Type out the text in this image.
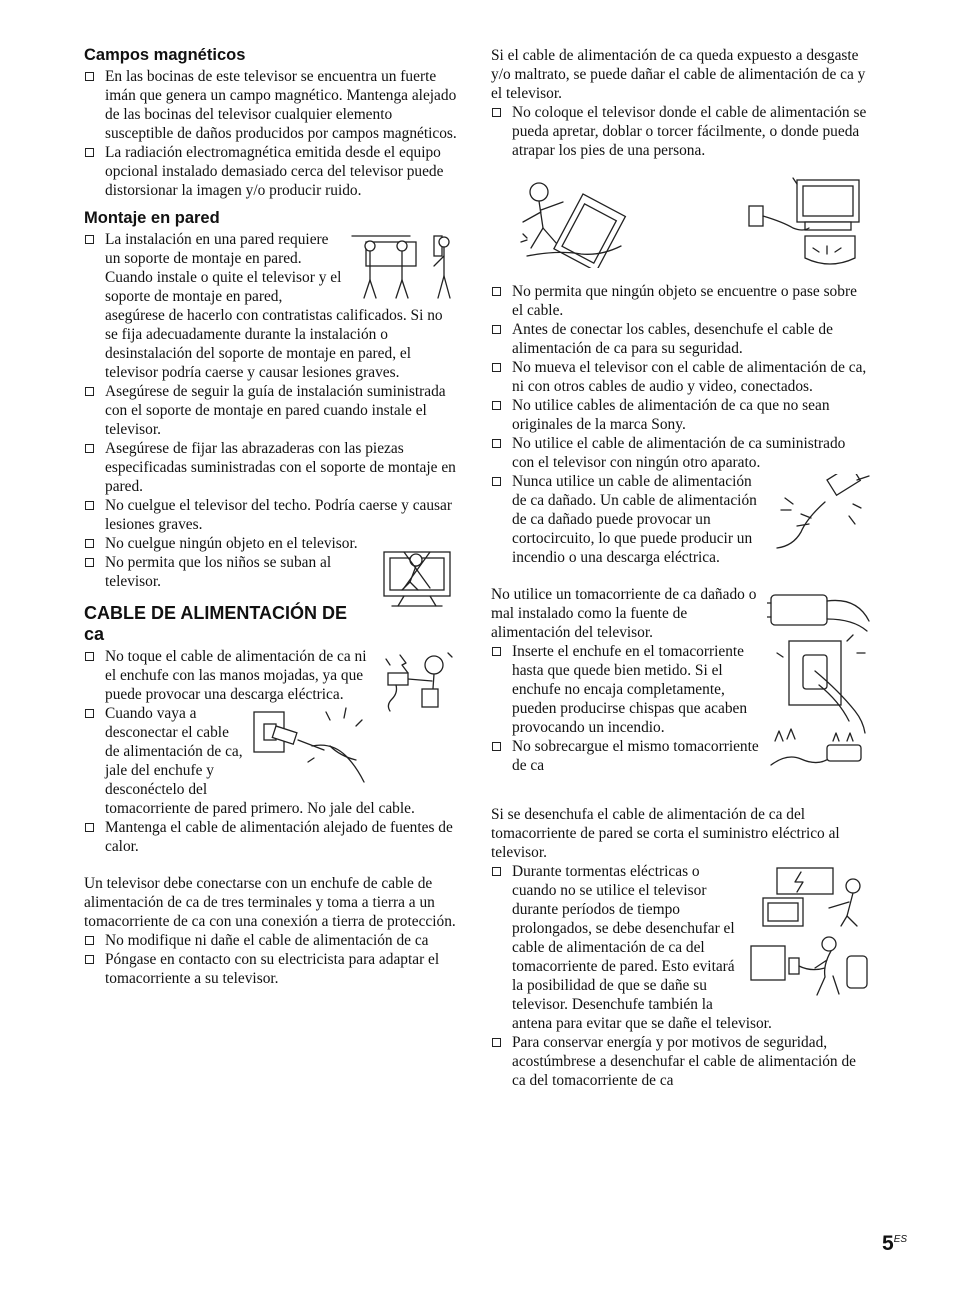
Campos magnéticos
En las bocinas de este televisor se encuentra un fuerte imán que genera un campo magnético. Mantenga alejado de las bocinas del televisor cualquier elemento susceptible de daños producidos por campos magnéticos.
La radiación electromagnética emitida desde el equipo opcional instalado demasiado cerca del televisor puede distorsionar la imagen y/o producir ruido.
Montaje en pared
La instalación en una pared requiere un soporte de montaje en pared. Cuando instale o quite el televisor y el soporte de montaje en pared, asegúrese de hacerlo con contratistas calificados. Si no se fija adecuadamente durante la instalación o desinstalación del soporte de montaje en pared, el televisor podría caerse y causar lesiones graves.
Asegúrese de seguir la guía de instalación suministrada con el soporte de montaje en pared cuando instale el televisor.
Asegúrese de fijar las abrazaderas con las piezas especificadas suministradas con el soporte de montaje en pared.
No cuelgue el televisor del techo. Podría caerse y causar lesiones graves.
No cuelgue ningún objeto en el televisor.
No permita que los niños se suban al televisor.
CABLE DE ALIMENTACIÓN DE ca
No toque el cable de alimentación de ca ni el enchufe con las manos mojadas, ya que puede provocar una descarga eléctrica.
Cuando vaya a desconectar el cable de alimentación de ca, jale del enchufe y desconéctelo del tomacorriente de pared primero. No jale del cable.
Mantenga el cable de alimentación alejado de fuentes de calor.

Un televisor debe conectarse con un enchufe de cable de alimentación de ca de tres terminales y toma a tierra a un tomacorriente de ca con una conexión a tierra de protección.

No modifique ni dañe el cable de alimentación de ca
Póngase en contacto con su electricista para adaptar el tomacorriente a su televisor.

Si el cable de alimentación de ca queda expuesto a desgaste y/o maltrato, se puede dañar el cable de alimentación de ca y el televisor.

No coloque el televisor donde el cable de alimentación se pueda apretar, doblar o torcer fácilmente, o donde pueda atrapar los pies de una persona.
No permita que ningún objeto se encuentre o pase sobre el cable.
Antes de conectar los cables, desenchufe el cable de alimentación de ca para su seguridad.
No mueva el televisor con el cable de alimentación de ca, ni con otros cables de audio y video, conectados.
No utilice cables de alimentación de ca que no sean originales de la marca Sony.
No utilice el cable de alimentación de ca suministrado con el televisor con ningún otro aparato.
Nunca utilice un cable de alimentación de ca dañado. Un cable de alimentación de ca dañado puede provocar un cortocircuito, lo que puede producir un incendio o una descarga eléctrica.

No utilice un tomacorriente de ca dañado o mal instalado como la fuente de alimentación del televisor.

Inserte el enchufe en el tomacorriente hasta que quede bien metido. Si el enchufe no encaja completamente, pueden producirse chispas que acaben provocando un incendio.
No sobrecargue el mismo tomacorriente de ca

Si se desenchufa el cable de alimentación de ca del tomacorriente de pared se corta el suministro eléctrico al televisor.

Durante tormentas eléctricas o cuando no se utilice el televisor durante períodos de tiempo prolongados, se debe desenchufar el cable de alimentación de ca del tomacorriente de pared. Esto evitará la posibilidad de que se dañe su televisor. Desenchufe también la antena para evitar que se dañe el televisor.
Para conservar energía y por motivos de seguridad, acostúmbrese a desenchufar el cable de alimentación de ca del tomacorriente de ca
$5^{ES}$
